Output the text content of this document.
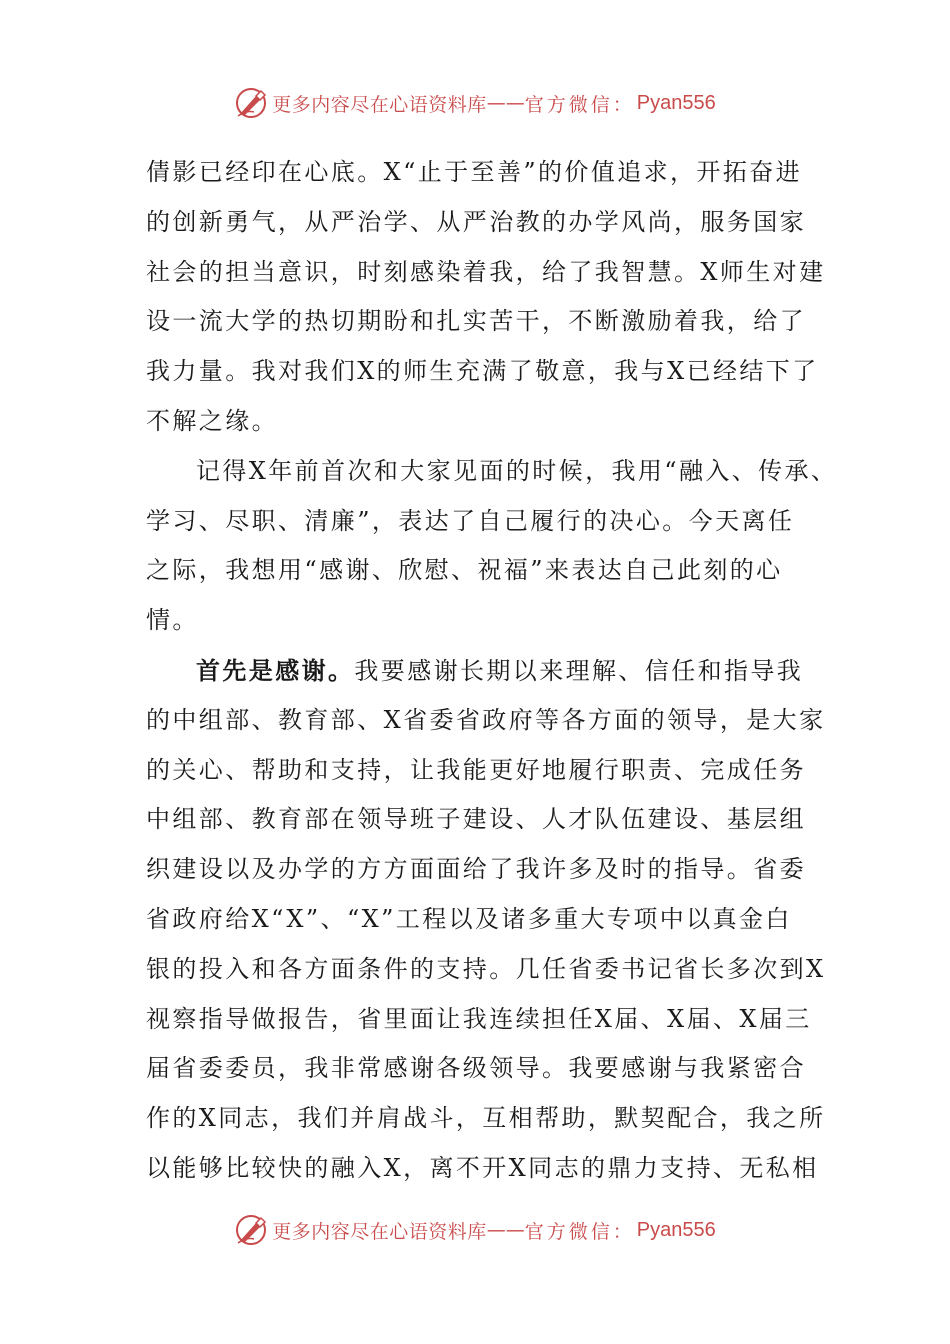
更多内容尽在心语资料库 —— 官方微信： Pyan556
倩影已经印在心底。X“止于至善”的价值追求，开拓奋进
的创新勇气，从严治学、从严治教的办学风尚，服务国家
社会的担当意识，时刻感染着我，给了我智慧。X师生对建
设一流大学的热切期盼和扎实苦干，不断激励着我，给了
我力量。我对我们X的师生充满了敬意，我与X已经结下了
不解之缘。
记得X年前首次和大家见面的时候，我用“融入、传承、
学习、尽职、清廉”，表达了自己履行的决心。今天离任
之际，我想用“感谢、欣慰、祝福”来表达自己此刻的心
情。
首先是感谢。我要感谢长期以来理解、信任和指导我
的中组部、教育部、X省委省政府等各方面的领导，是大家
的关心、帮助和支持，让我能更好地履行职责、完成任务
中组部、教育部在领导班子建设、人才队伍建设、基层组
织建设以及办学的方方面面给了我许多及时的指导。省委
省政府给X“X”、“X”工程以及诸多重大专项中以真金白
银的投入和各方面条件的支持。几任省委书记省长多次到X
视察指导做报告，省里面让我连续担任X届、X届、X届三
届省委委员，我非常感谢各级领导。我要感谢与我紧密合
作的X同志，我们并肩战斗，互相帮助，默契配合，我之所
以能够比较快的融入X，离不开X同志的鼎力支持、无私相
更多内容尽在心语资料库 —— 官方微信： Pyan556
